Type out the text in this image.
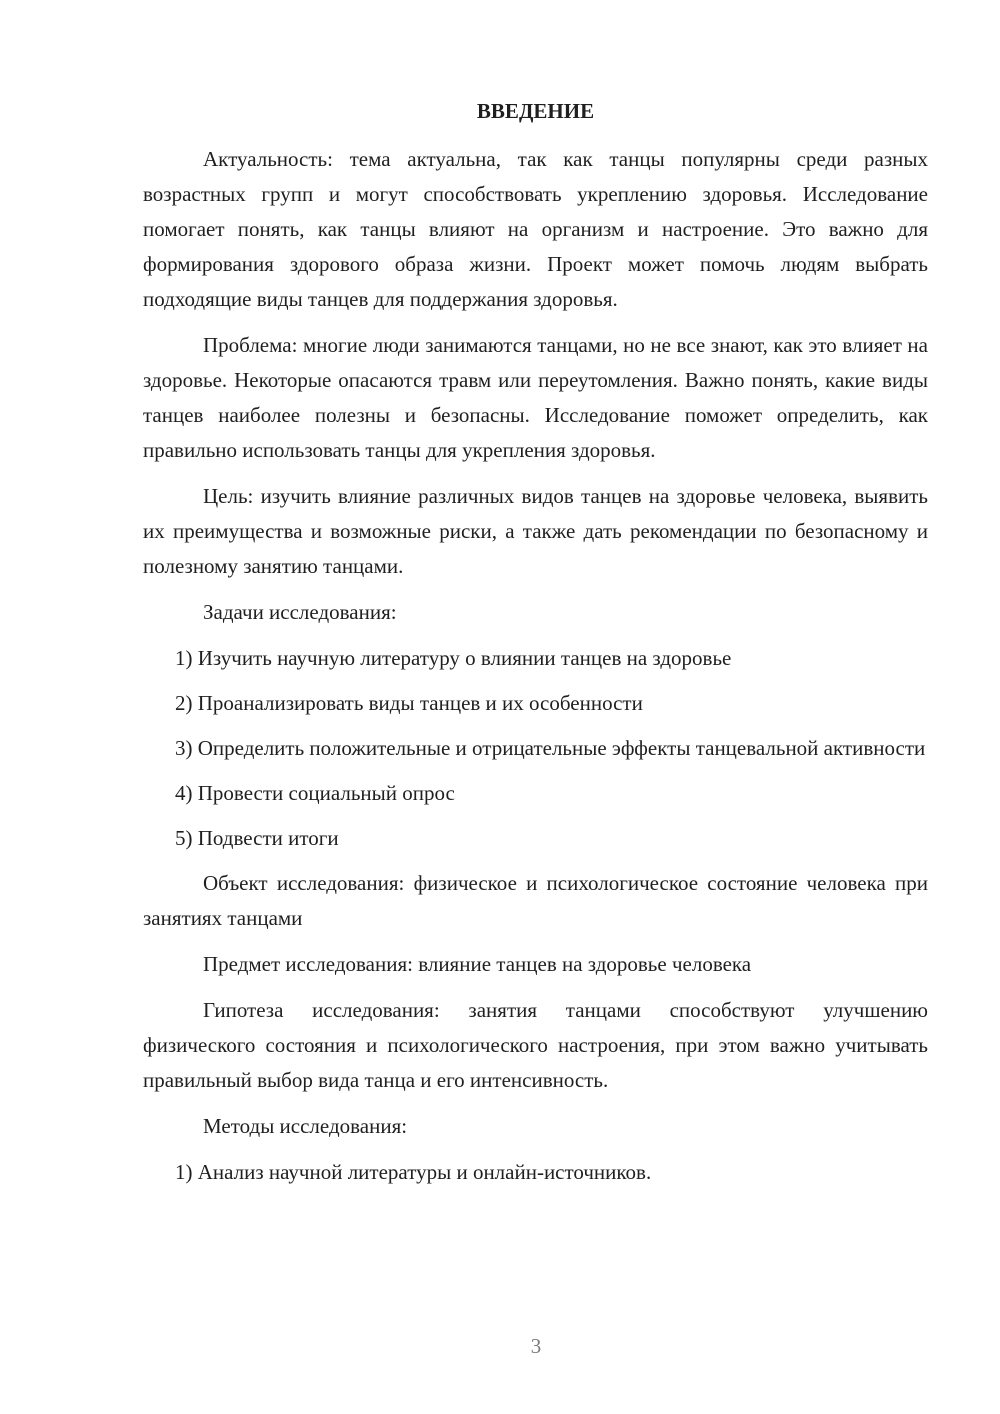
ВВЕДЕНИЕ

Актуальность: тема актуальна, так как танцы популярны среди разных возрастных групп и могут способствовать укреплению здоровья. Исследование помогает понять, как танцы влияют на организм и настроение. Это важно для формирования здорового образа жизни. Проект может помочь людям выбрать подходящие виды танцев для поддержания здоровья.

Проблема: многие люди занимаются танцами, но не все знают, как это влияет на здоровье. Некоторые опасаются травм или переутомления. Важно понять, какие виды танцев наиболее полезны и безопасны. Исследование поможет определить, как правильно использовать танцы для укрепления здоровья.

Цель: изучить влияние различных видов танцев на здоровье человека, выявить их преимущества и возможные риски, а также дать рекомендации по безопасному и полезному занятию танцами.

Задачи исследования:

1) Изучить научную литературу о влиянии танцев на здоровье

2) Проанализировать виды танцев и их особенности

3) Определить положительные и отрицательные эффекты танцевальной активности

4) Провести социальный опрос

5) Подвести итоги

Объект исследования: физическое и психологическое состояние человека при занятиях танцами

Предмет исследования: влияние танцев на здоровье человека

Гипотеза исследования: занятия танцами способствуют улучшению физического состояния и психологического настроения, при этом важно учитывать правильный выбор вида танца и его интенсивность.

Методы исследования:

1) Анализ научной литературы и онлайн-источников.

3
